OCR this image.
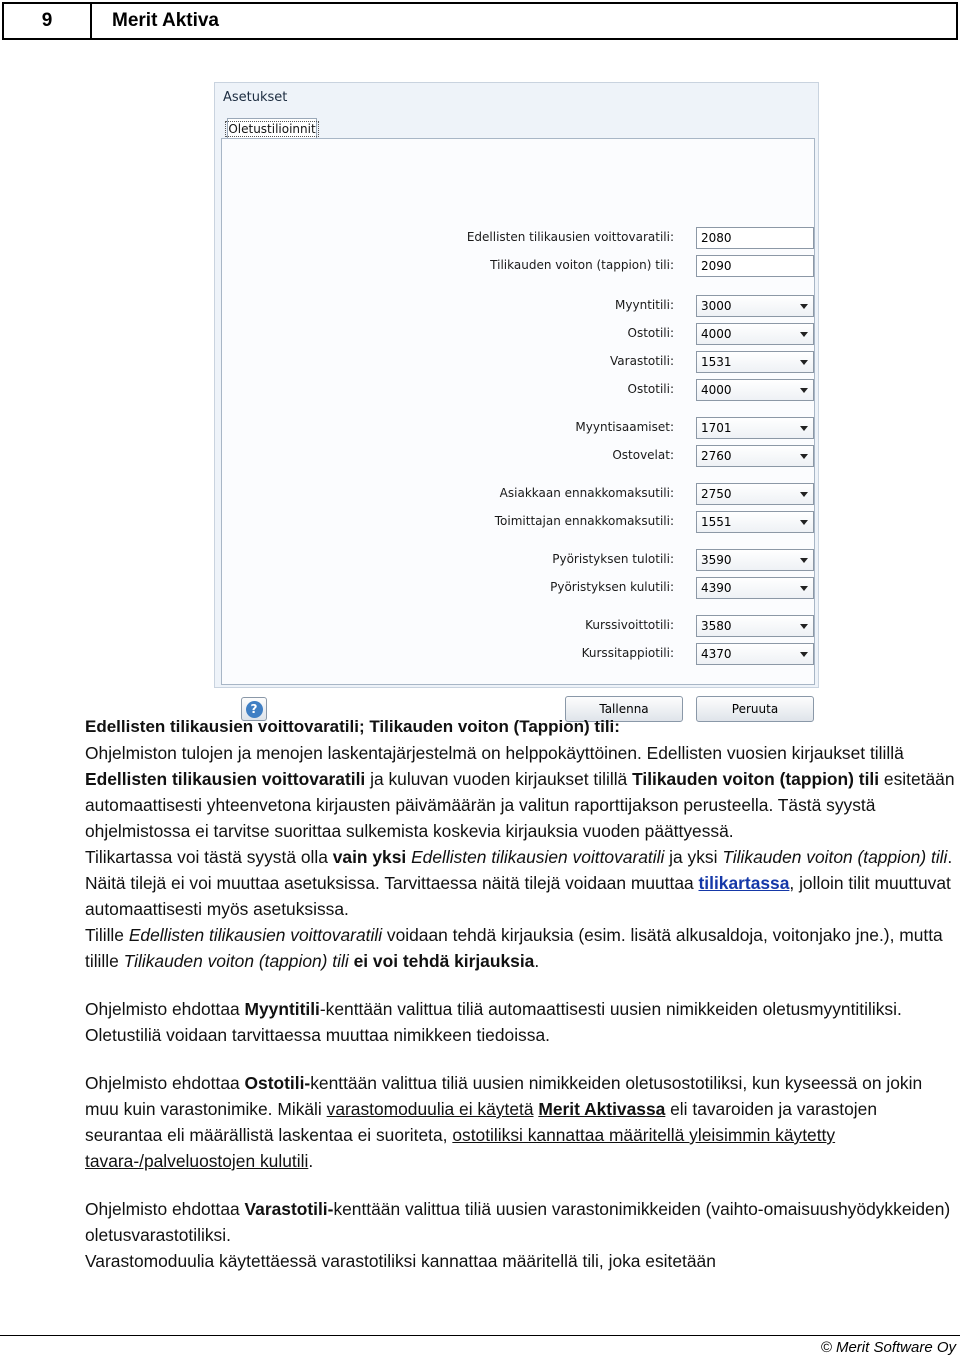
9	Merit Aktiva
Asetukset
Oletustilioinnit
?	Tallenna	Peruuta
Edellisten tilikausien voittovaratili: 2080
Tilikauden voiton (tappion) tili: 2090
Myyntitili: 3000
Ostotili: 4000
Varastotili: 1531
Ostotili: 4000
Myyntisaamiset: 1701
Ostovelat: 2760
Asiakkaan ennakkomaksutili: 2750
Toimittajan ennakkomaksutili: 1551
Pyöristyksen tulotili: 3590
Pyöristyksen kulutili: 4390
Kurssivoittotili: 3580
Kurssitappiotili: 4370

Edellisten tilikausien voittovaratili; Tilikauden voiton (Tappion) tili:

Ohjelmiston tulojen ja menojen laskentajärjestelmä on helppokäyttöinen. Edellisten vuosien kirjaukset tilillä Edellisten tilikausien voittovaratili ja kuluvan vuoden kirjaukset tilillä Tilikauden voiton (tappion) tili esitetään automaattisesti yhteenvetona kirjausten päivämäärän ja valitun raporttijakson perusteella. Tästä syystä ohjelmistossa ei tarvitse suorittaa sulkemista koskevia kirjauksia vuoden päättyessä.

Tilikartassa voi tästä syystä olla vain yksi Edellisten tilikausien voittovaratili ja yksi Tilikauden voiton (tappion) tili. Näitä tilejä ei voi muuttaa asetuksissa. Tarvittaessa näitä tilejä voidaan muuttaa tilikartassa, jolloin tilit muuttuvat automaattisesti myös asetuksissa.

Tilille Edellisten tilikausien voittovaratili voidaan tehdä kirjauksia (esim. lisätä alkusaldoja, voitonjako jne.), mutta tilille Tilikauden voiton (tappion) tili ei voi tehdä kirjauksia.

Ohjelmisto ehdottaa Myyntitili-kenttään valittua tiliä automaattisesti uusien nimikkeiden oletusmyyntitiliksi. Oletustiliä voidaan tarvittaessa muuttaa nimikkeen tiedoissa.

Ohjelmisto ehdottaa Ostotili-kenttään valittua tiliä uusien nimikkeiden oletusostotiliksi, kun kyseessä on jokin muu kuin varastonimike. Mikäli varastomoduulia ei käytetä Merit Aktivassa eli tavaroiden ja varastojen seurantaa eli määrällistä laskentaa ei suoriteta, ostotiliksi kannattaa määritellä yleisimmin käytetty tavara-/palveluostojen kulutili.

Ohjelmisto ehdottaa Varastotili-kenttään valittua tiliä uusien varastonimikkeiden (vaihto-omaisuushyödykkeiden) oletusvarastotiliksi.

Varastomoduulia käytettäessä varastotiliksi kannattaa määritellä tili, joka esitetään

© Merit Software Oy
